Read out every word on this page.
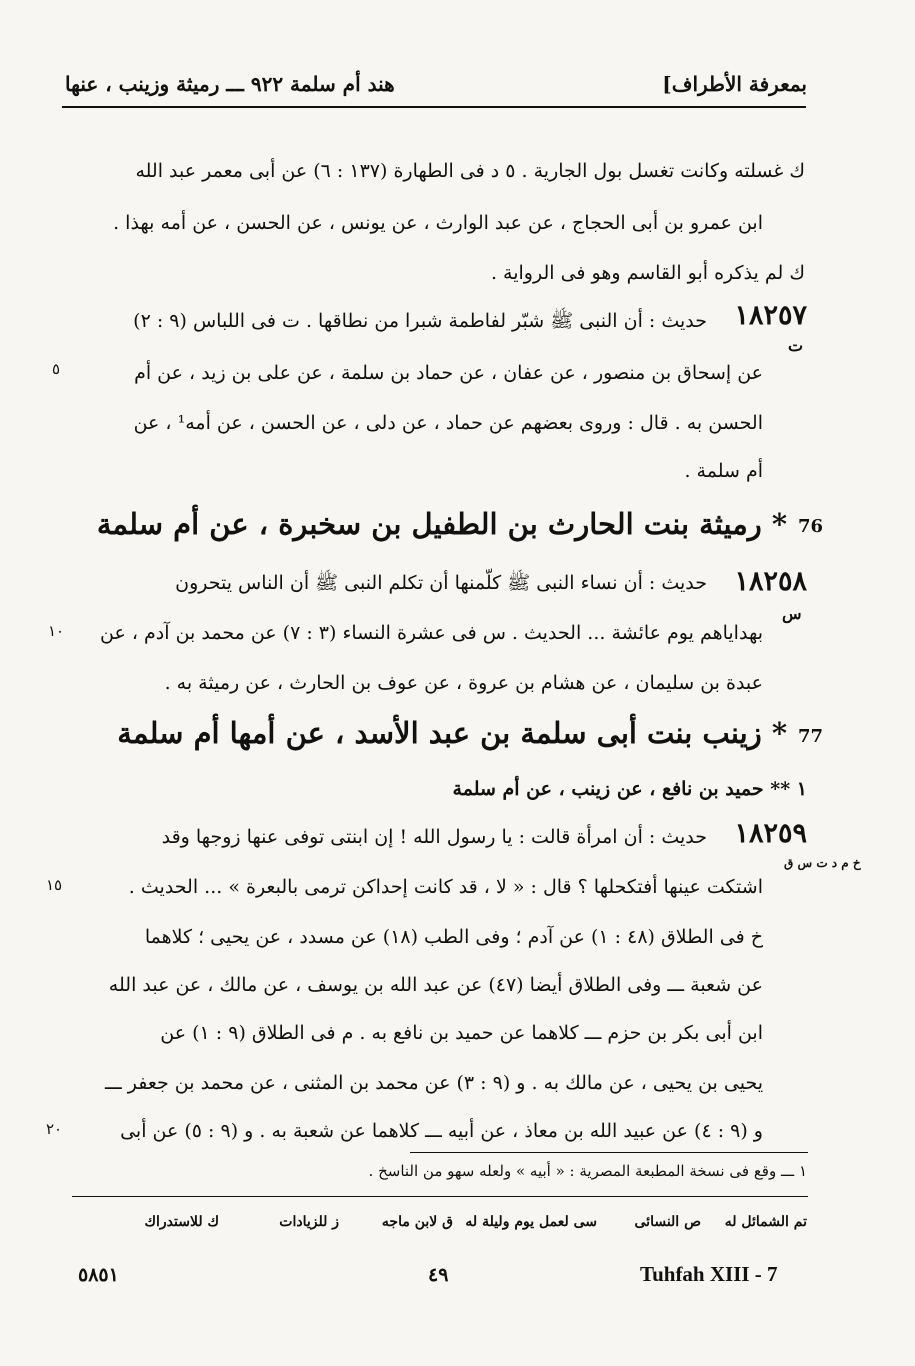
بمعرفة الأطراف]
هند أم سلمة ٩٢٢ ـــ رميثة وزينب ، عنها
ك غسلته وكانت تغسل بول الجارية . ٥ د فى الطهارة (١٣٧ : ٦) عن أبى معمر عبد الله
ابن عمرو بن أبى الحجاج ، عن عبد الوارث ، عن يونس ، عن الحسن ، عن أمه بهذا .
ك لم يذكره أبو القاسم وهو فى الرواية .
١٨٢٥٧
ت
حديث : أن النبى ﷺ شبّر لفاطمة شبرا من نطاقها . ت فى اللباس (٩ : ٢)
عن إسحاق بن منصور ، عن عفان ، عن حماد بن سلمة ، عن على بن زيد ، عن أم
٥
الحسن به . قال : وروى بعضهم عن حماد ، عن دلى ، عن الحسن ، عن أمه¹ ، عن
أم سلمة .
76
* رميثة بنت الحارث بن الطفيل بن سخبرة ، عن أم سلمة
١٨٢٥٨
س
حديث : أن نساء النبى ﷺ كلّمنها أن تكلم النبى ﷺ أن الناس يتحرون
بهداياهم يوم عائشة ... الحديث . س فى عشرة النساء (٣ : ٧) عن محمد بن آدم ، عن
١٠
عبدة بن سليمان ، عن هشام بن عروة ، عن عوف بن الحارث ، عن رميثة به .
77
* زينب بنت أبى سلمة بن عبد الأسد ، عن أمها أم سلمة
١ ** حميد بن نافع ، عن زينب ، عن أم سلمة
١٨٢٥٩
خ م د ت س ق
حديث : أن امرأة قالت : يا رسول الله ! إن ابنتى توفى عنها زوجها وقد
اشتكت عينها أفتكحلها ؟ قال : « لا ، قد كانت إحداكن ترمى بالبعرة » ... الحديث .
١٥
خ فى الطلاق (٤٨ : ١) عن آدم ؛ وفى الطب (١٨) عن مسدد ، عن يحيى ؛ كلاهما
عن شعبة ـــ وفى الطلاق أيضا (٤٧) عن عبد الله بن يوسف ، عن مالك ، عن عبد الله
ابن أبى بكر بن حزم ـــ كلاهما عن حميد بن نافع به . م فى الطلاق (٩ : ١) عن
يحيى بن يحيى ، عن مالك به . و (٩ : ٣) عن محمد بن المثنى ، عن محمد بن جعفر ـــ
و (٩ : ٤) عن عبيد الله بن معاذ ، عن أبيه ـــ كلاهما عن شعبة به . و (٩ : ٥) عن أبى
٢٠
١ ـــ وقع فى نسخة المطبعة المصرية : « أبيه » ولعله سهو من الناسخ .
تم الشمائل له
ص النسائى
سى لعمل يوم وليلة له
ق لابن ماجه
ز للزيادات
ك للاستدراك
Tuhfah XIII - 7
٤٩
٥٨٥١
